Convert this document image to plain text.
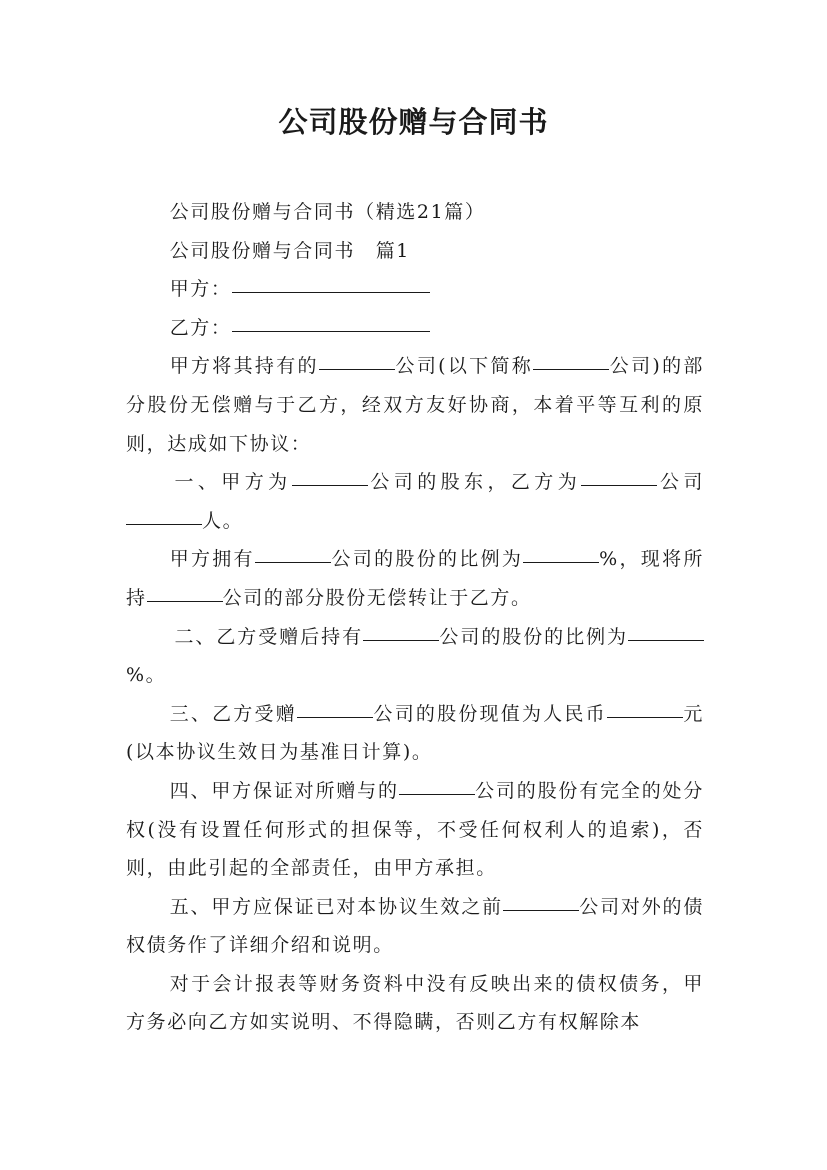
公司股份赠与合同书

公司股份赠与合同书（精选21篇）

公司股份赠与合同书　篇1

甲方：

乙方：

甲方将其持有的	公司(以下简称	公司)的部分股份无偿赠与于乙方，经双方友好协商，本着平等互利的原则，达成如下协议：

一、甲方为	公司的股东，乙方为	公司人。

甲方拥有	公司的股份的比例为	%，现将所持	公司的部分股份无偿转让于乙方。

二、乙方受赠后持有	公司的股份的比例为%。

三、乙方受赠	公司的股份现值为人民币	元(以本协议生效日为基准日计算)。

四、甲方保证对所赠与的	公司的股份有完全的处分权(没有设置任何形式的担保等，不受任何权利人的追索)，否则，由此引起的全部责任，由甲方承担。

五、甲方应保证已对本协议生效之前	公司对外的债权债务作了详细介绍和说明。

对于会计报表等财务资料中没有反映出来的债权债务，甲方务必向乙方如实说明、不得隐瞒，否则乙方有权解除本
